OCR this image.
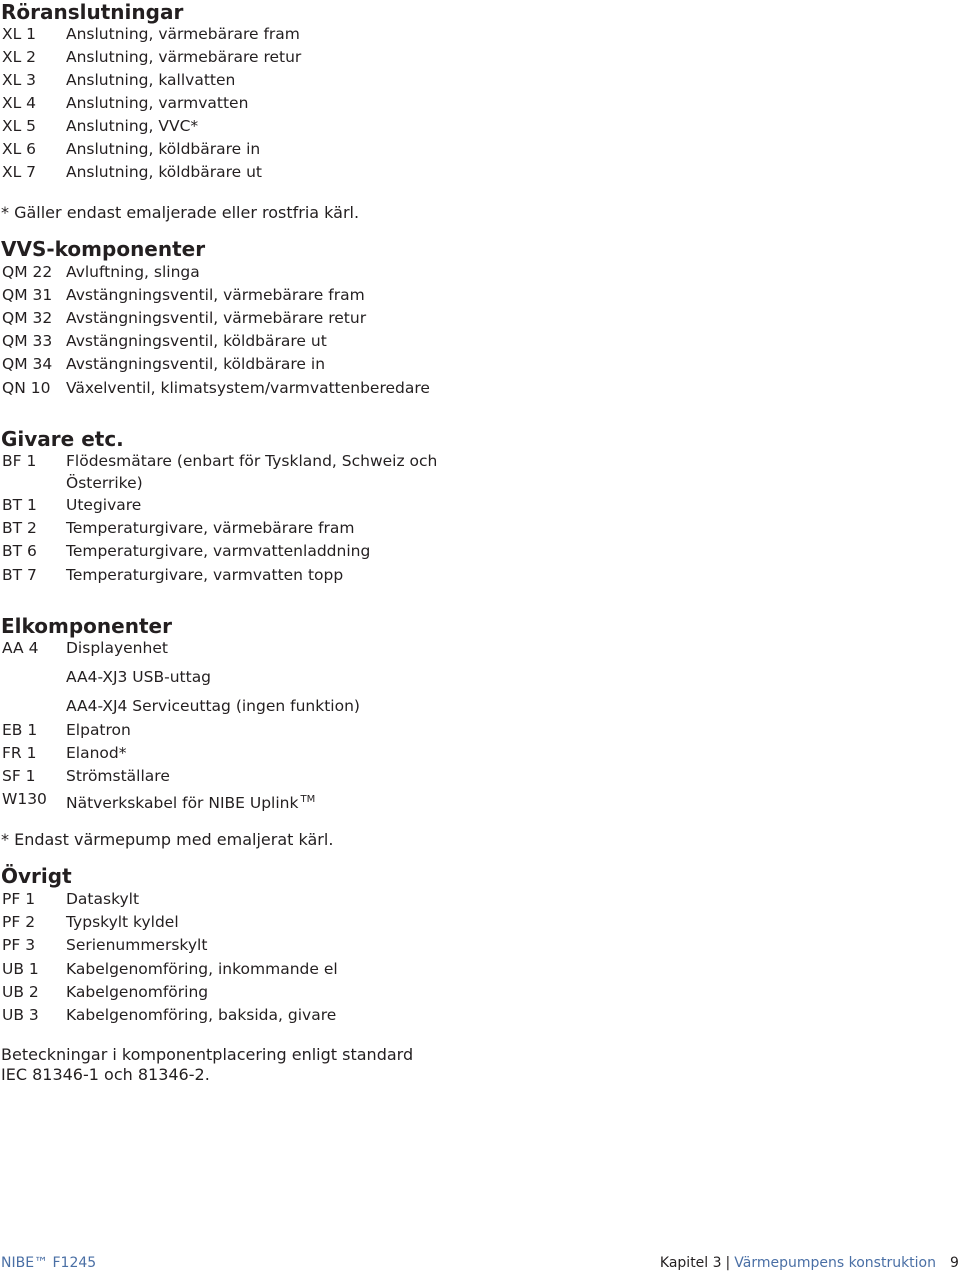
Röranslutningar
XL 1 Anslutning, värmebärare fram
XL 2 Anslutning, värmebärare retur
XL 3 Anslutning, kallvatten
XL 4 Anslutning, varmvatten
XL 5 Anslutning, VVC*
XL 6 Anslutning, köldbärare in
XL 7 Anslutning, köldbärare ut
* Gäller endast emaljerade eller rostfria kärl.
VVS-komponenter
QM 22 Avluftning, slinga
QM 31 Avstängningsventil, värmebärare fram
QM 32 Avstängningsventil, värmebärare retur
QM 33 Avstängningsventil, köldbärare ut
QM 34 Avstängningsventil, köldbärare in
QN 10 Växelventil, klimatsystem/varmvattenberedare
Givare etc.
BF 1 Flödesmätare (enbart för Tyskland, Schweiz och
Österrike)
BT 1 Utegivare
BT 2 Temperaturgivare, värmebärare fram
BT 6 Temperaturgivare, varmvattenladdning
BT 7 Temperaturgivare, varmvatten topp
Elkomponenter
AA 4 Displayenhet
AA4-XJ3 USB-uttag
AA4-XJ4 Serviceuttag (ingen funktion)
EB 1 Elpatron
FR 1 Elanod*
SF 1 Strömställare
W130 Nätverkskabel för NIBE Uplink ™
* Endast värmepump med emaljerat kärl.
Övrigt
PF 1 Dataskylt
PF 2 Typskylt kyldel
PF 3 Serienummerskylt
UB 1 Kabelgenomföring, inkommande el
UB 2 Kabelgenomföring
UB 3 Kabelgenomföring, baksida, givare
Beteckningar i komponentplacering enligt standard
IEC 81346-1 och 81346-2.
NIBE™ F1245	Kapitel 3 | Värmepumpens konstruktion 9
